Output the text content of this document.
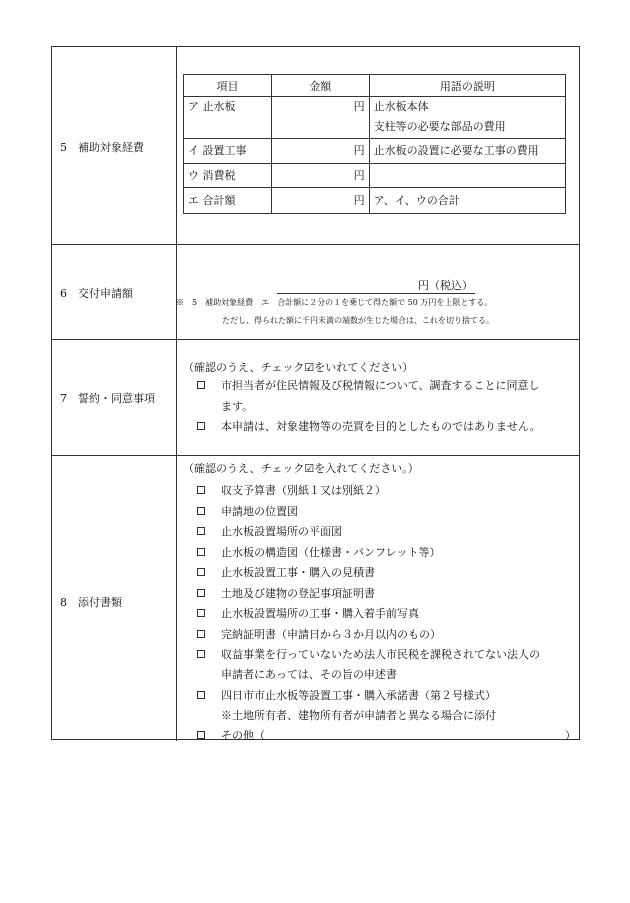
5　補助対象経費
項目	金額	用語の説明
ア 止水板	円	止水板本体
支柱等の必要な部品の費用

イ 設置工事	円	止水板の設置に必要な工事の費用
ウ 消費税	円	
エ 合計額	円	ア、イ、ウの合計
6　交付申請額
円（税込）
※　5　補助対象経費　エ　合計額に２分の１を乗じて得た額で 50 万円を上限とする。
ただし、得られた額に千円未満の端数が生じた場合は、これを切り捨てる。
7　誓約・同意事項
（確認のうえ、チェック☑をいれてください）
市担当者が住民情報及び税情報について、調査することに同意し
ます。
本申請は、対象建物等の売買を目的としたものではありません。
8　添付書類
（確認のうえ、チェック☑を入れてください。）
収支予算書（別紙１又は別紙２）
申請地の位置図
止水板設置場所の平面図
止水板の構造図（仕様書・パンフレット等）
止水板設置工事・購入の見積書
土地及び建物の登記事項証明書
止水板設置場所の工事・購入着手前写真
完納証明書（申請日から３か月以内のもの）
収益事業を行っていないため法人市民税を課税されてない法人の
申請者にあっては、その旨の申述書
四日市市止水板等設置工事・購入承諾書（第２号様式）
※土地所有者、建物所有者が申請者と異なる場合に添付
その他（	）
